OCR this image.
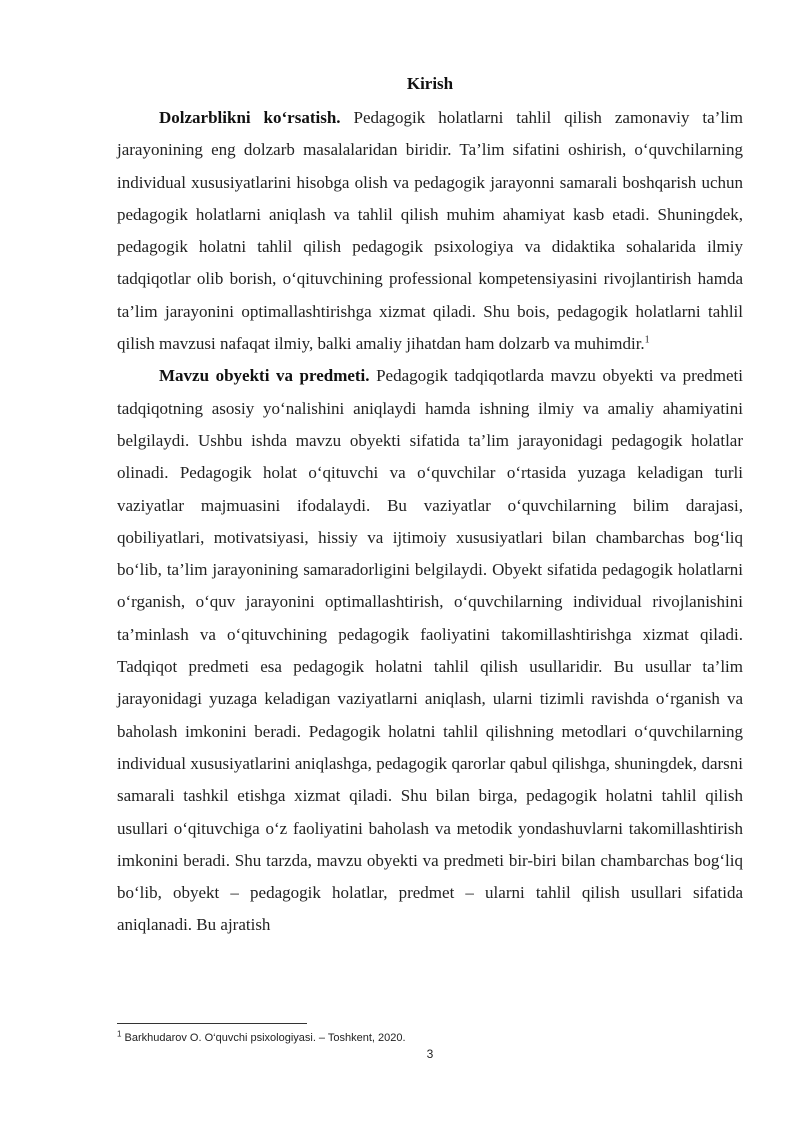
Kirish

Dolzarblikni ko‘rsatish. Pedagogik holatlarni tahlil qilish zamonaviy ta’lim jarayonining eng dolzarb masalalaridan biridir. Ta’lim sifatini oshirish, o‘quvchilarning individual xususiyatlarini hisobga olish va pedagogik jarayonni samarali boshqarish uchun pedagogik holatlarni aniqlash va tahlil qilish muhim ahamiyat kasb etadi. Shuningdek, pedagogik holatni tahlil qilish pedagogik psixologiya va didaktika sohalarida ilmiy tadqiqotlar olib borish, o‘qituvchining professional kompetensiyasini rivojlantirish hamda ta’lim jarayonini optimallashtirishga xizmat qiladi. Shu bois, pedagogik holatlarni tahlil qilish mavzusi nafaqat ilmiy, balki amaliy jihatdan ham dolzarb va muhimdir.$^1$

Mavzu obyekti va predmeti. Pedagogik tadqiqotlarda mavzu obyekti va predmeti tadqiqotning asosiy yo‘nalishini aniqlaydi hamda ishning ilmiy va amaliy ahamiyatini belgilaydi. Ushbu ishda mavzu obyekti sifatida ta’lim jarayonidagi pedagogik holatlar olinadi. Pedagogik holat o‘qituvchi va o‘quvchilar o‘rtasida yuzaga keladigan turli vaziyatlar majmuasini ifodalaydi. Bu vaziyatlar o‘quvchilarning bilim darajasi, qobiliyatlari, motivatsiyasi, hissiy va ijtimoiy xususiyatlari bilan chambarchas bog‘liq bo‘lib, ta’lim jarayonining samaradorligini belgilaydi. Obyekt sifatida pedagogik holatlarni o‘rganish, o‘quv jarayonini optimallashtirish, o‘quvchilarning individual rivojlanishini ta’minlash va o‘qituvchining pedagogik faoliyatini takomillashtirishga xizmat qiladi. Tadqiqot predmeti esa pedagogik holatni tahlil qilish usullaridir. Bu usullar ta’lim jarayonidagi yuzaga keladigan vaziyatlarni aniqlash, ularni tizimli ravishda o‘rganish va baholash imkonini beradi. Pedagogik holatni tahlil qilishning metodlari o‘quvchilarning individual xususiyatlarini aniqlashga, pedagogik qarorlar qabul qilishga, shuningdek, darsni samarali tashkil etishga xizmat qiladi. Shu bilan birga, pedagogik holatni tahlil qilish usullari o‘qituvchiga o‘z faoliyatini baholash va metodik yondashuvlarni takomillashtirish imkonini beradi. Shu tarzda, mavzu obyekti va predmeti bir-biri bilan chambarchas bog‘liq bo‘lib, obyekt – pedagogik holatlar, predmet – ularni tahlil qilish usullari sifatida aniqlanadi. Bu ajratish

$^1$ Barkhudarov O. O‘quvchi psixologiyasi. – Toshkent, 2020.
3
